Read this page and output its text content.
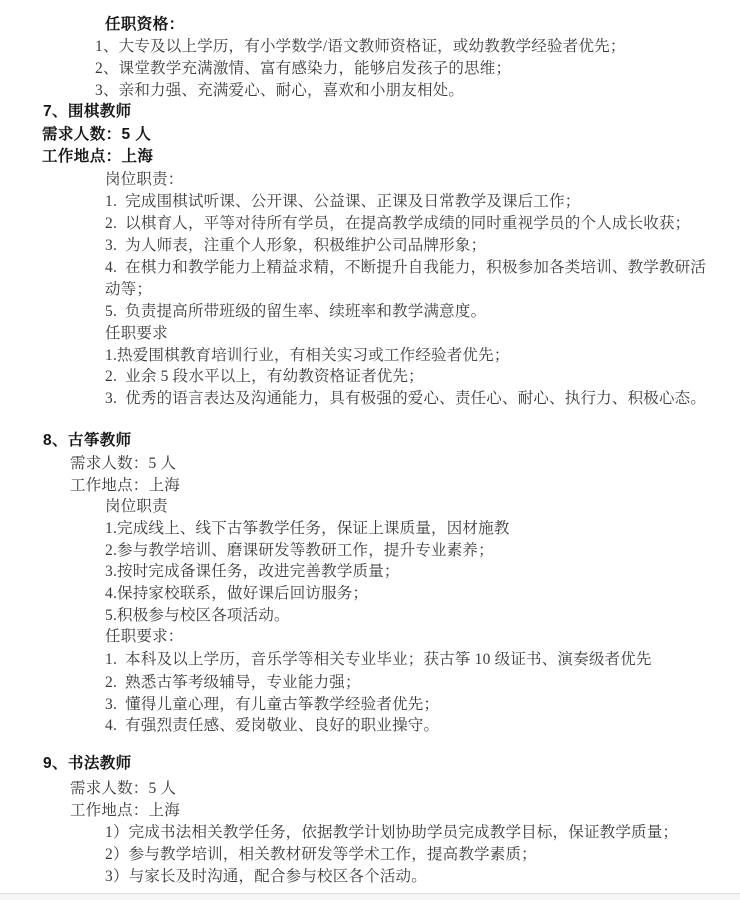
任职资格：
1、大专及以上学历，有小学数学/语文教师资格证，或幼教教学经验者优先；
2、课堂教学充满激情、富有感染力，能够启发孩子的思维；
3、亲和力强、充满爱心、耐心，喜欢和小朋友相处。
7、围棋教师
需求人数：5 人
工作地点：上海
岗位职责：
1.  完成围棋试听课、公开课、公益课、正课及日常教学及课后工作；
2.  以棋育人，平等对待所有学员，在提高教学成绩的同时重视学员的个人成长收获；
3.  为人师表，注重个人形象，积极维护公司品牌形象；
4.  在棋力和教学能力上精益求精，不断提升自我能力，积极参加各类培训、教学教研活
动等；
5.  负责提高所带班级的留生率、续班率和教学满意度。
任职要求
1.热爱围棋教育培训行业，有相关实习或工作经验者优先；
2.  业余 5 段水平以上，有幼教资格证者优先；
3.  优秀的语言表达及沟通能力，具有极强的爱心、责任心、耐心、执行力、积极心态。
8、古筝教师
需求人数：5 人
工作地点：上海
岗位职责
1.完成线上、线下古筝教学任务，保证上课质量，因材施教
2.参与教学培训、磨课研发等教研工作，提升专业素养；
3.按时完成备课任务，改进完善教学质量；
4.保持家校联系，做好课后回访服务；
5.积极参与校区各项活动。
任职要求：
1.  本科及以上学历，音乐学等相关专业毕业；获古筝 10 级证书、演奏级者优先
2.  熟悉古筝考级辅导，专业能力强；
3.  懂得儿童心理，有儿童古筝教学经验者优先；
4.  有强烈责任感、爱岗敬业、良好的职业操守。
9、书法教师
需求人数：5 人
工作地点：上海
1）完成书法相关教学任务，依据教学计划协助学员完成教学目标，保证教学质量；
2）参与教学培训，相关教材研发等学术工作，提高教学素质；
3）与家长及时沟通，配合参与校区各个活动。
